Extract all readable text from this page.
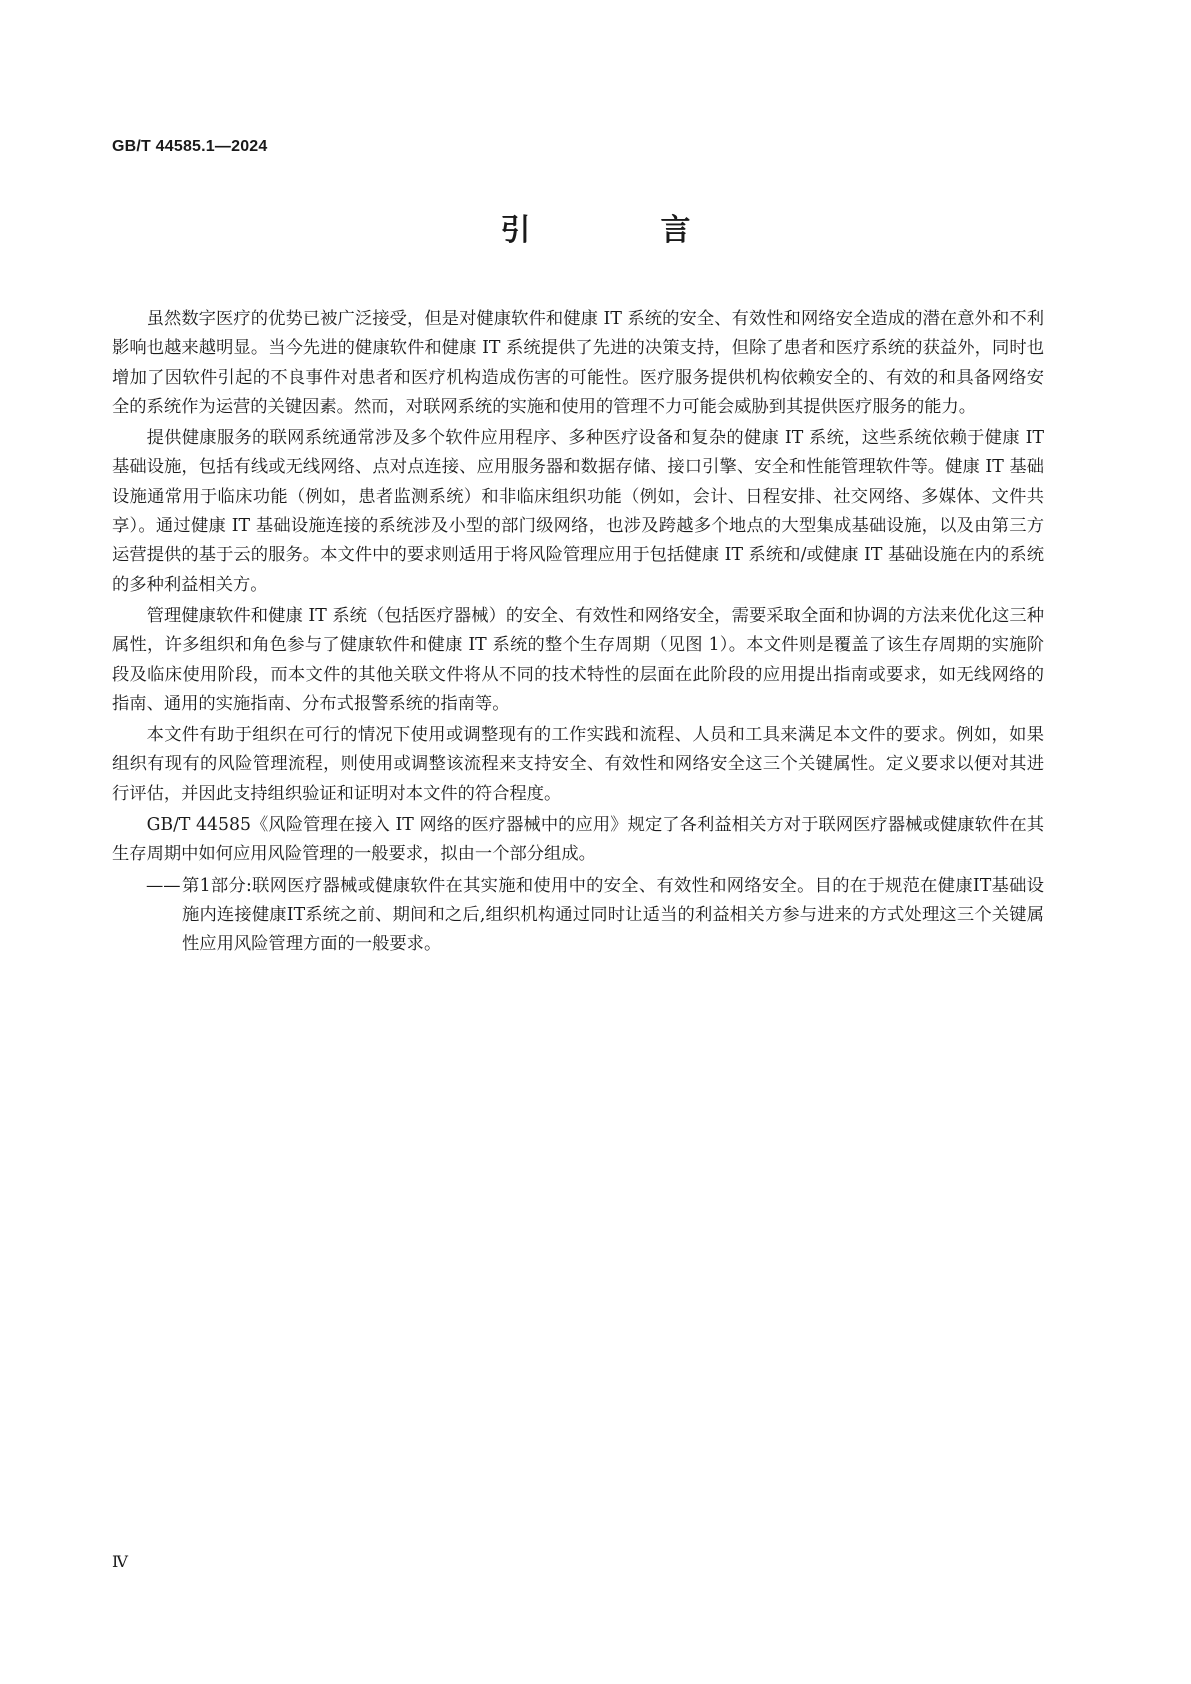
GB/T 44585.1—2024
引　言

虽然数字医疗的优势已被广泛接受，但是对健康软件和健康 IT 系统的安全、有效性和网络安全造成的潜在意外和不利影响也越来越明显。当今先进的健康软件和健康 IT 系统提供了先进的决策支持，但除了患者和医疗系统的获益外，同时也增加了因软件引起的不良事件对患者和医疗机构造成伤害的可能性。医疗服务提供机构依赖安全的、有效的和具备网络安全的系统作为运营的关键因素。然而，对联网系统的实施和使用的管理不力可能会威胁到其提供医疗服务的能力。

提供健康服务的联网系统通常涉及多个软件应用程序、多种医疗设备和复杂的健康 IT 系统，这些系统依赖于健康 IT 基础设施，包括有线或无线网络、点对点连接、应用服务器和数据存储、接口引擎、安全和性能管理软件等。健康 IT 基础设施通常用于临床功能（例如，患者监测系统）和非临床组织功能（例如，会计、日程安排、社交网络、多媒体、文件共享）。通过健康 IT 基础设施连接的系统涉及小型的部门级网络，也涉及跨越多个地点的大型集成基础设施，以及由第三方运营提供的基于云的服务。本文件中的要求则适用于将风险管理应用于包括健康 IT 系统和/或健康 IT 基础设施在内的系统的多种利益相关方。

管理健康软件和健康 IT 系统（包括医疗器械）的安全、有效性和网络安全，需要采取全面和协调的方法来优化这三种属性，许多组织和角色参与了健康软件和健康 IT 系统的整个生存周期（见图 1）。本文件则是覆盖了该生存周期的实施阶段及临床使用阶段，而本文件的其他关联文件将从不同的技术特性的层面在此阶段的应用提出指南或要求，如无线网络的指南、通用的实施指南、分布式报警系统的指南等。

本文件有助于组织在可行的情况下使用或调整现有的工作实践和流程、人员和工具来满足本文件的要求。例如，如果组织有现有的风险管理流程，则使用或调整该流程来支持安全、有效性和网络安全这三个关键属性。定义要求以便对其进行评估，并因此支持组织验证和证明对本文件的符合程度。

GB/T 44585《风险管理在接入 IT 网络的医疗器械中的应用》规定了各利益相关方对于联网医疗器械或健康软件在其生存周期中如何应用风险管理的一般要求，拟由一个部分组成。

—— 第1部分:联网医疗器械或健康软件在其实施和使用中的安全、有效性和网络安全。目的在于规范在健康IT基础设施内连接健康IT系统之前、期间和之后,组织机构通过同时让适当的利益相关方参与进来的方式处理这三个关键属性应用风险管理方面的一般要求。
Ⅳ
